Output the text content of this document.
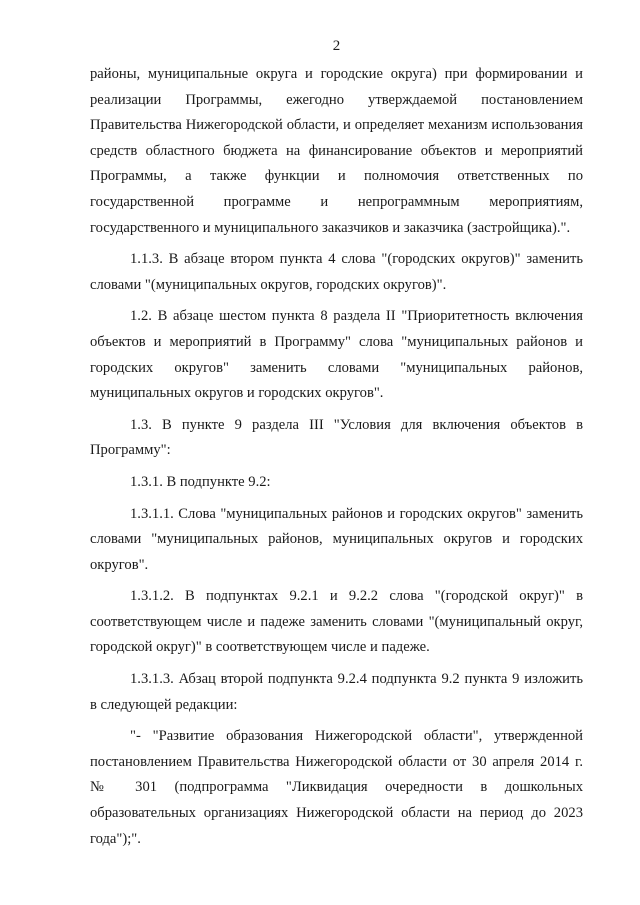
2

районы, муниципальные округа и городские округа) при формировании и реализации Программы, ежегодно утверждаемой постановлением Правительства Нижегородской области, и определяет механизм использования средств областного бюджета на финансирование объектов и мероприятий Программы, а также функции и полномочия ответственных по государственной программе и непрограммным мероприятиям, государственного и муниципального заказчиков и заказчика (застройщика).".

1.1.3. В абзаце втором пункта 4 слова "(городских округов)" заменить словами "(муниципальных округов, городских округов)".

1.2. В абзаце шестом пункта 8 раздела II "Приоритетность включения объектов и мероприятий в Программу" слова "муниципальных районов и городских округов" заменить словами "муниципальных районов, муниципальных округов и городских округов".

1.3. В пункте 9 раздела III "Условия для включения объектов в Программу":

1.3.1. В подпункте 9.2:

1.3.1.1. Слова "муниципальных районов и городских округов" заменить словами "муниципальных районов, муниципальных округов и городских округов".

1.3.1.2. В подпунктах 9.2.1 и 9.2.2 слова "(городской округ)" в соответствующем числе и падеже заменить словами "(муниципальный округ, городской округ)" в соответствующем числе и падеже.

1.3.1.3. Абзац второй подпункта 9.2.4 подпункта 9.2 пункта 9 изложить в следующей редакции:

"- "Развитие образования Нижегородской области", утвержденной постановлением Правительства Нижегородской области от 30 апреля 2014 г. № 301 (подпрограмма "Ликвидация очередности в дошкольных образовательных организациях Нижегородской области на период до 2023 года");".
